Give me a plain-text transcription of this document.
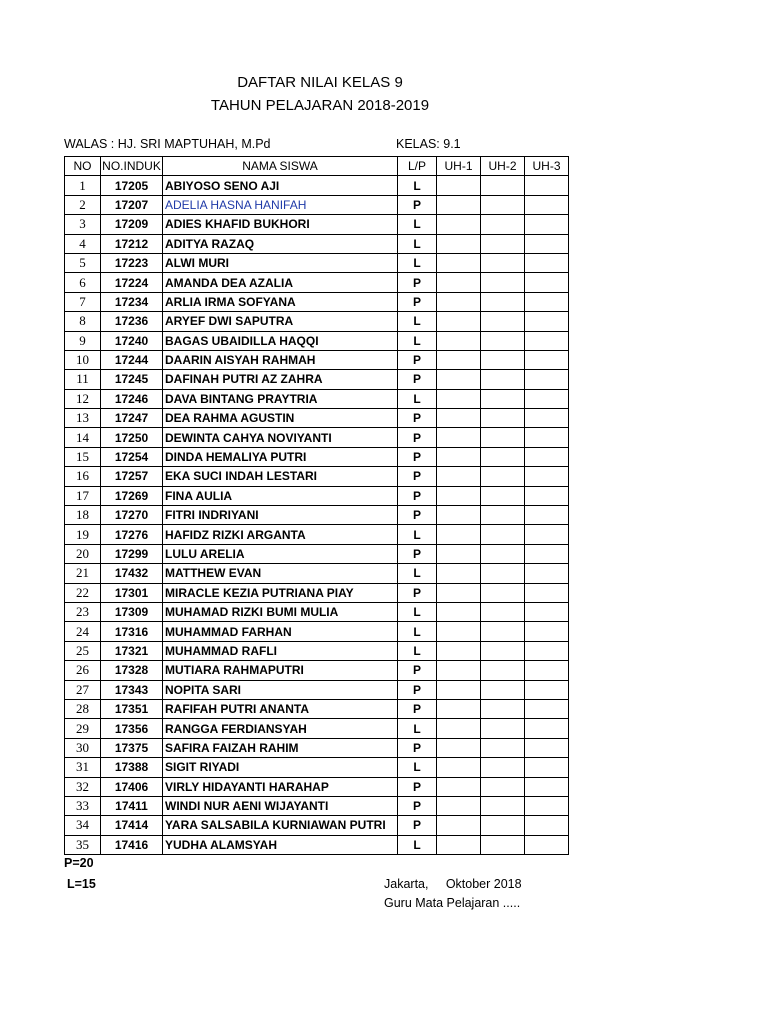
DAFTAR NILAI KELAS 9
TAHUN PELAJARAN 2018-2019
WALAS : HJ. SRI MAPTUHAH, M.Pd	KELAS: 9.1
NO	NO.INDUK	NAMA SISWA	L/P	UH-1	UH-2	UH-3
1	17205	ABIYOSO SENO AJI	L			
2	17207	ADELIA HASNA HANIFAH	P			
3	17209	ADIES KHAFID BUKHORI	L			
4	17212	ADITYA RAZAQ	L			
5	17223	ALWI MURI	L			
6	17224	AMANDA DEA AZALIA	P			
7	17234	ARLIA IRMA SOFYANA	P			
8	17236	ARYEF DWI SAPUTRA	L			
9	17240	BAGAS UBAIDILLA HAQQI	L			
10	17244	DAARIN AISYAH RAHMAH	P			
11	17245	DAFINAH PUTRI AZ ZAHRA	P			
12	17246	DAVA BINTANG PRAYTRIA	L			
13	17247	DEA RAHMA AGUSTIN	P			
14	17250	DEWINTA CAHYA NOVIYANTI	P			
15	17254	DINDA HEMALIYA PUTRI	P			
16	17257	EKA SUCI INDAH LESTARI	P			
17	17269	FINA AULIA	P			
18	17270	FITRI INDRIYANI	P			
19	17276	HAFIDZ RIZKI ARGANTA	L			
20	17299	LULU ARELIA	P			
21	17432	MATTHEW EVAN	L			
22	17301	MIRACLE KEZIA PUTRIANA PIAY	P			
23	17309	MUHAMAD RIZKI BUMI MULIA	L			
24	17316	MUHAMMAD FARHAN	L			
25	17321	MUHAMMAD RAFLI	L			
26	17328	MUTIARA RAHMAPUTRI	P			
27	17343	NOPITA SARI	P			
28	17351	RAFIFAH PUTRI ANANTA	P			
29	17356	RANGGA FERDIANSYAH	L			
30	17375	SAFIRA FAIZAH RAHIM	P			
31	17388	SIGIT RIYADI	L			
32	17406	VIRLY HIDAYANTI HARAHAP	P			
33	17411	WINDI NUR AENI WIJAYANTI	P			
34	17414	YARA SALSABILA KURNIAWAN PUTRI	P			
35	17416	YUDHA ALAMSYAH	L			
P=20
L=15	Jakarta,     Oktober 2018
Guru Mata Pelajaran .....
